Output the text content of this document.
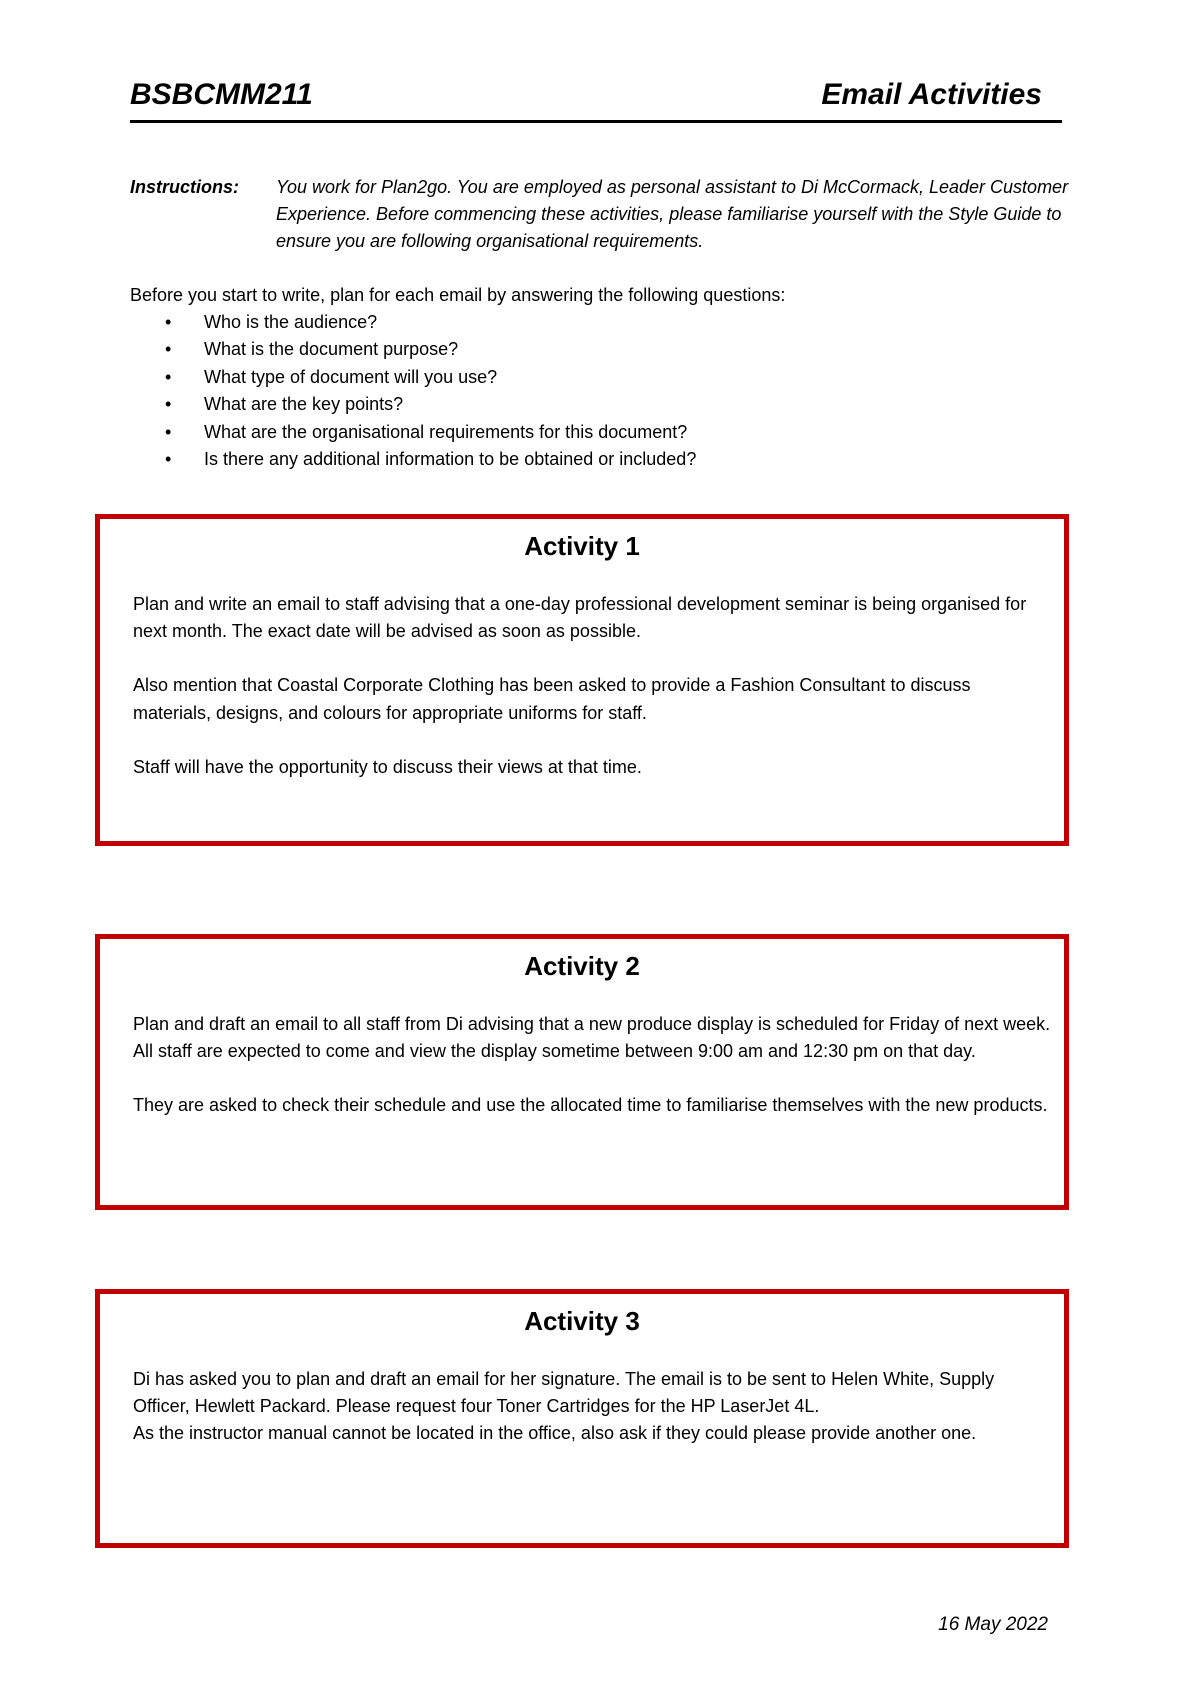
BSBCMM211	Email Activities
Instructions: You work for Plan2go. You are employed as personal assistant to Di McCormack, Leader Customer Experience. Before commencing these activities, please familiarise yourself with the Style Guide to ensure you are following organisational requirements.
Before you start to write, plan for each email by answering the following questions:
• Who is the audience?
• What is the document purpose?
• What type of document will you use?
• What are the key points?
• What are the organisational requirements for this document?
• Is there any additional information to be obtained or included?
Activity 1

Plan and write an email to staff advising that a one-day professional development seminar is being organised for next month. The exact date will be advised as soon as possible.

Also mention that Coastal Corporate Clothing has been asked to provide a Fashion Consultant to discuss materials, designs, and colours for appropriate uniforms for staff.

Staff will have the opportunity to discuss their views at that time.

Activity 2

Plan and draft an email to all staff from Di advising that a new produce display is scheduled for Friday of next week. All staff are expected to come and view the display sometime between 9:00 am and 12:30 pm on that day.

They are asked to check their schedule and use the allocated time to familiarise themselves with the new products.

Activity 3

Di has asked you to plan and draft an email for her signature. The email is to be sent to Helen White, Supply Officer, Hewlett Packard. Please request four Toner Cartridges for the HP LaserJet 4L.

As the instructor manual cannot be located in the office, also ask if they could please provide another one.

16 May 2022
